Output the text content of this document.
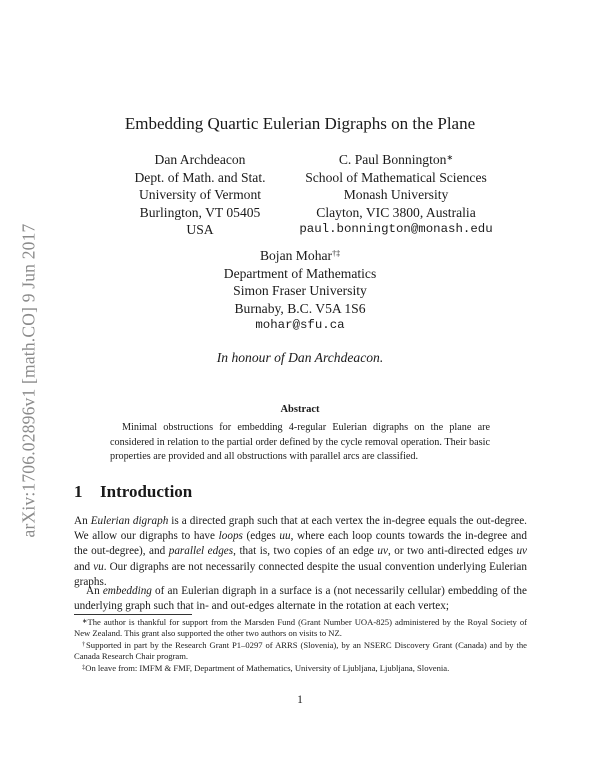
arXiv:1706.02896v1 [math.CO] 9 Jun 2017
Embedding Quartic Eulerian Digraphs on the Plane
Dan Archdeacon
Dept. of Math. and Stat.
University of Vermont
Burlington, VT 05405
USA
C. Paul Bonnington∗
School of Mathematical Sciences
Monash University
Clayton, VIC 3800, Australia
paul.bonnington@monash.edu
Bojan Mohar†‡
Department of Mathematics
Simon Fraser University
Burnaby, B.C. V5A 1S6
mohar@sfu.ca
In honour of Dan Archdeacon.
Abstract
Minimal obstructions for embedding 4-regular Eulerian digraphs on the plane are considered in relation to the partial order defined by the cycle removal operation. Their basic properties are provided and all obstructions with parallel arcs are classified.
1 Introduction

An Eulerian digraph is a directed graph such that at each vertex the in-degree equals the out-degree. We allow our digraphs to have loops (edges uu, where each loop counts towards the in-degree and the out-degree), and parallel edges, that is, two copies of an edge uv, or two anti-directed edges uv and vu. Our digraphs are not necessarily connected despite the usual convention underlying Eulerian graphs.

An embedding of an Eulerian digraph in a surface is a (not necessarily cellular) embedding of the underlying graph such that in- and out-edges alternate in the rotation at each vertex;

∗The author is thankful for support from the Marsden Fund (Grant Number UOA-825) administered by the Royal Society of New Zealand. This grant also supported the other two authors on visits to NZ.

†Supported in part by the Research Grant P1–0297 of ARRS (Slovenia), by an NSERC Discovery Grant (Canada) and by the Canada Research Chair program.

‡On leave from: IMFM & FMF, Department of Mathematics, University of Ljubljana, Ljubljana, Slovenia.

1
